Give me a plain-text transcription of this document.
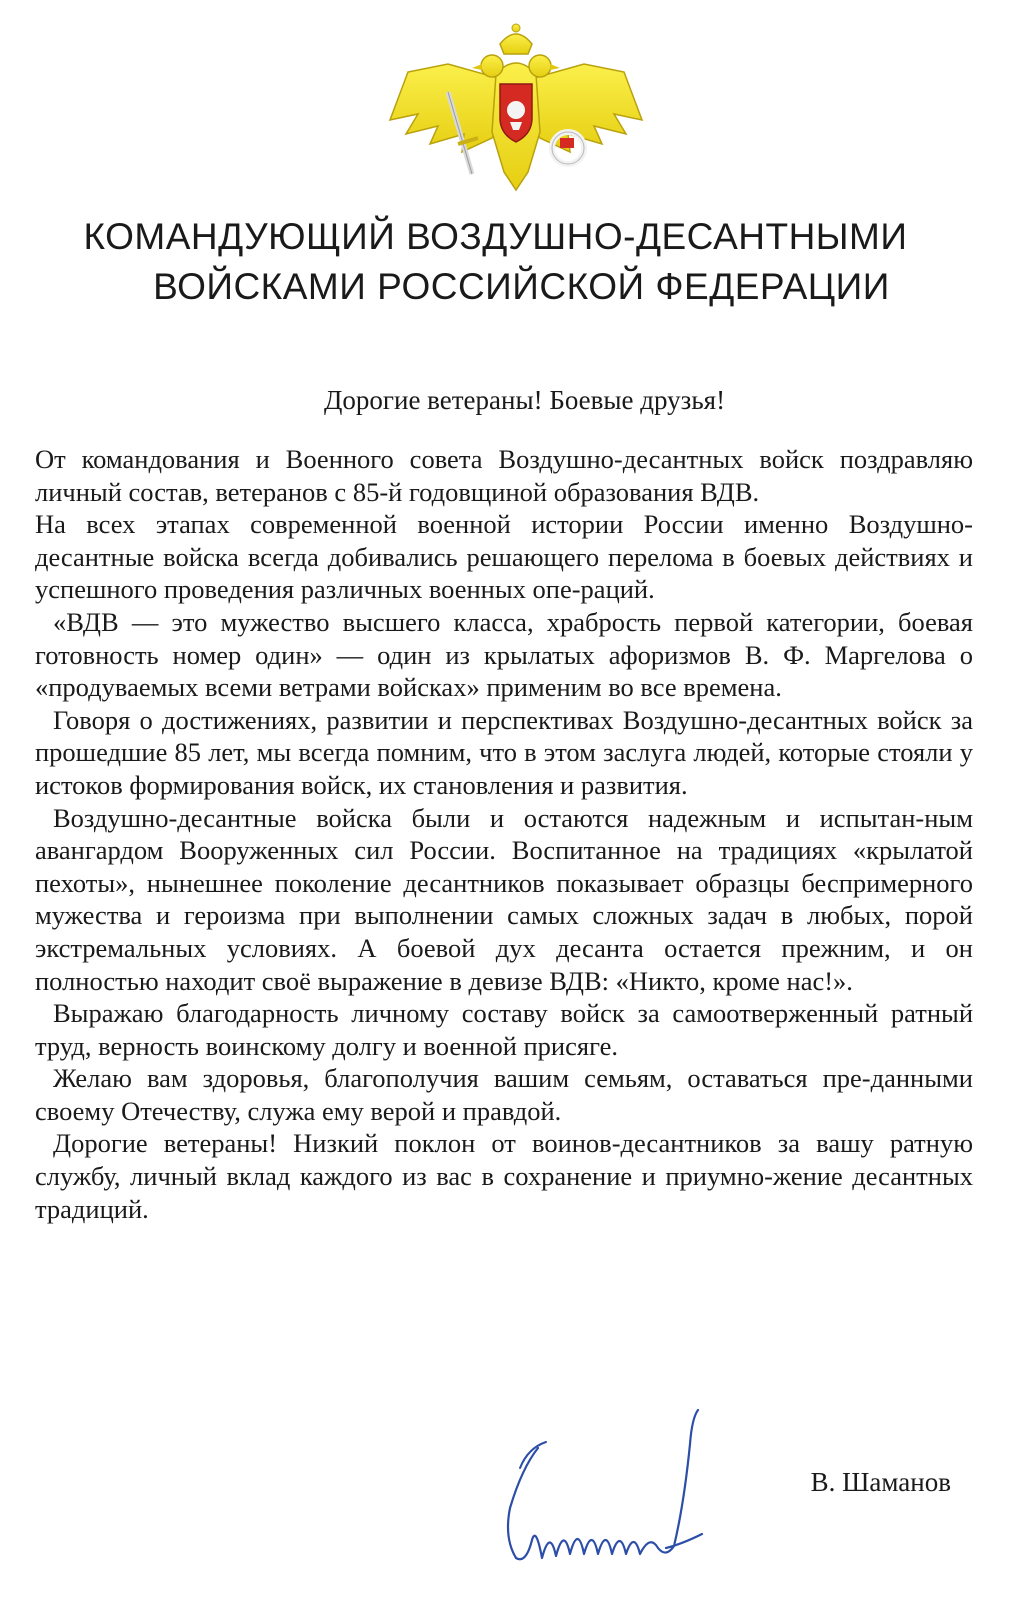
КОМАНДУЮЩИЙ ВОЗДУШНО-ДЕСАНТНЫМИ
ВОЙСКАМИ РОССИЙСКОЙ ФЕДЕРАЦИИ
Дорогие ветераны! Боевые друзья!

От командования и Военного совета Воздушно-десантных войск поздравляю личный состав, ветеранов с 85-й годовщиной образования ВДВ.

На всех этапах современной военной истории России именно Воздушно-десантные войска всегда добивались решающего перелома в боевых действиях и успешного проведения различных военных опе-раций.

«ВДВ — это мужество высшего класса, храбрость первой категории, боевая готовность номер один» — один из крылатых афоризмов В. Ф. Маргелова о «продуваемых всеми ветрами войсках» применим во все времена.

Говоря о достижениях, развитии и перспективах Воздушно-десантных войск за прошедшие 85 лет, мы всегда помним, что в этом заслуга людей, которые стояли у истоков формирования войск, их становления и развития.

Воздушно-десантные войска были и остаются надежным и испытан-ным авангардом Вооруженных сил России. Воспитанное на традициях «крылатой пехоты», нынешнее поколение десантников показывает образцы беспримерного мужества и героизма при выполнении самых сложных задач в любых, порой экстремальных условиях. А боевой дух десанта остается прежним, и он полностью находит своё выражение в девизе ВДВ: «Никто, кроме нас!».

Выражаю благодарность личному составу войск за самоотверженный ратный труд, верность воинскому долгу и военной присяге.

Желаю вам здоровья, благополучия вашим семьям, оставаться пре-данными своему Отечеству, служа ему верой и правдой.

Дорогие ветераны! Низкий поклон от воинов-десантников за вашу ратную службу, личный вклад каждого из вас в сохранение и приумно-жение десантных традиций.

В. Шаманов
